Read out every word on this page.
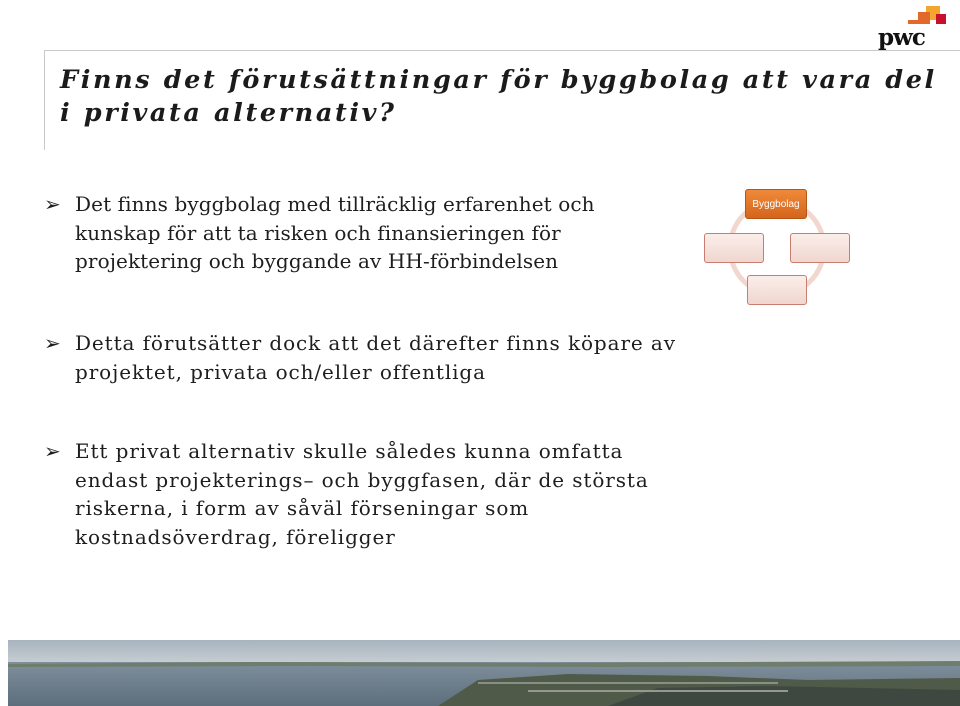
pwc
Finns det förutsättningar för byggbolag att vara del i privata alternativ?
➢ Det finns byggbolag med tillräcklig erfarenhet och kunskap för att ta risken och finansieringen för projektering och byggande av HH-förbindelsen
➢ Detta förutsätter dock att det därefter finns köpare av projektet, privata och/eller offentliga
➢ Ett privat alternativ skulle således kunna omfatta endast projekterings– och byggfasen, där de största riskerna, i form av såväl förseningar som kostnadsöverdrag, föreligger
Byggbolag
